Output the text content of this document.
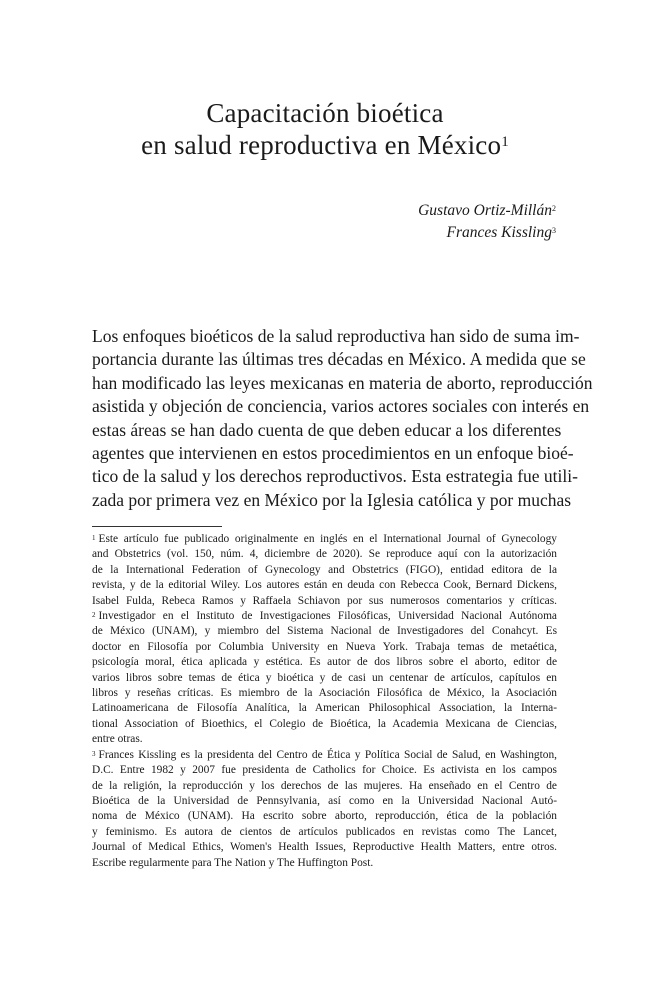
Capacitación bioética
en salud reproductiva en México$^1$
Gustavo Ortiz-Millán$^2$
Frances Kissling$^3$
Los enfoques bioéticos de la salud reproductiva han sido de suma im-
portancia durante las últimas tres décadas en México. A medida que se
han modificado las leyes mexicanas en materia de aborto, reproducción
asistida y objeción de conciencia, varios actores sociales con interés en
estas áreas se han dado cuenta de que deben educar a los diferentes
agentes que intervienen en estos procedimientos en un enfoque bioé-
tico de la salud y los derechos reproductivos. Esta estrategia fue utili-
zada por primera vez en México por la Iglesia católica y por muchas
$^1$ Este artículo fue publicado originalmente en inglés en el International Journal of Gynecology
and Obstetrics (vol. 150, núm. 4, diciembre de 2020). Se reproduce aquí con la autorización
de la International Federation of Gynecology and Obstetrics (FIGO), entidad editora de la
revista, y de la editorial Wiley. Los autores están en deuda con Rebecca Cook, Bernard Dickens,
Isabel Fulda, Rebeca Ramos y Raffaela Schiavon por sus numerosos comentarios y críticas.
$^2$ Investigador en el Instituto de Investigaciones Filosóficas, Universidad Nacional Autónoma
de México (UNAM), y miembro del Sistema Nacional de Investigadores del Conahcyt. Es
doctor en Filosofía por Columbia University en Nueva York. Trabaja temas de metaética,
psicología moral, ética aplicada y estética. Es autor de dos libros sobre el aborto, editor de
varios libros sobre temas de ética y bioética y de casi un centenar de artículos, capítulos en
libros y reseñas críticas. Es miembro de la Asociación Filosófica de México, la Asociación
Latinoamericana de Filosofía Analítica, la American Philosophical Association, la Interna-
tional Association of Bioethics, el Colegio de Bioética, la Academia Mexicana de Ciencias,
entre otras.
$^3$ Frances Kissling es la presidenta del Centro de Ética y Política Social de Salud, en Washington,
D.C. Entre 1982 y 2007 fue presidenta de Catholics for Choice. Es activista en los campos
de la religión, la reproducción y los derechos de las mujeres. Ha enseñado en el Centro de
Bioética de la Universidad de Pennsylvania, así como en la Universidad Nacional Autó-
noma de México (UNAM). Ha escrito sobre aborto, reproducción, ética de la población
y feminismo. Es autora de cientos de artículos publicados en revistas como The Lancet,
Journal of Medical Ethics, Women's Health Issues, Reproductive Health Matters, entre otros.
Escribe regularmente para The Nation y The Huffington Post.
